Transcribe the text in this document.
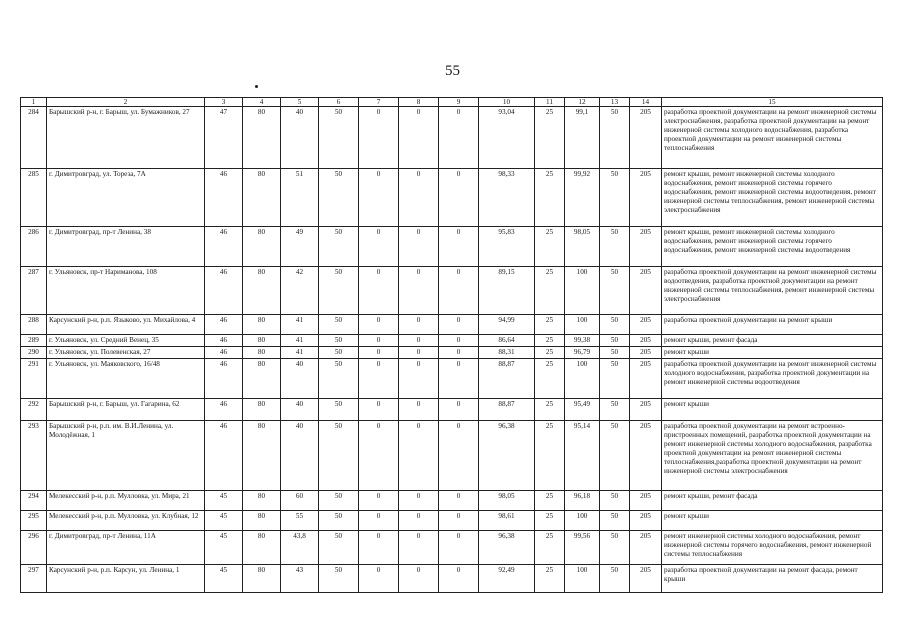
55
1	2	3	4	5	6	7	8	9	10	11	12	13	14	15
284	Барышский р-н, г. Барыш, ул. Бумажников, 27	47	80	40	50	0	0	0	93,04	25	99,1	50	205	разработка проектной документации на ремонт инженерной системы электроснабжения, разработка проектной документации на ремонт инженерной системы холодного водоснабжения, разработка проектной документации на ремонт инженерной системы теплоснабжения
285	г. Димитровград, ул. Тореза, 7А	46	80	51	50	0	0	0	98,33	25	99,92	50	205	ремонт крыши, ремонт инженерной системы холодного водоснабжения, ремонт инженерной системы горячего водоснабжения, ремонт инженерной системы водоотведения, ремонт инженерной системы теплоснабжения, ремонт инженерной системы электроснабжения
286	г. Димитровград, пр-т Ленина, 38	46	80	49	50	0	0	0	95,83	25	98,05	50	205	ремонт крыши, ремонт инженерной системы холодного водоснабжения, ремонт инженерной системы горячего водоснабжения, ремонт инженерной системы водоотведения
287	г. Ульяновск, пр-т Нариманова, 108	46	80	42	50	0	0	0	89,15	25	100	50	205	разработка проектной документации на ремонт инженерной системы водоотведения, разработка проектной документации на ремонт инженерной системы теплоснабжения, ремонт инженерной системы электроснабжения
288	Карсунский р-н, р.п. Языково, ул. Михайлова, 4	46	80	41	50	0	0	0	94,99	25	100	50	205	разработка проектной документации на ремонт крыши
289	г. Ульяновск, ул. Средний Венец, 35	46	80	41	50	0	0	0	86,64	25	99,38	50	205	ремонт крыши, ремонт фасада
290	г. Ульяновск, ул. Полевенская, 27	46	80	41	50	0	0	0	88,31	25	96,79	50	205	ремонт крыши
291	г. Ульяновск, ул. Маяковского, 16/48	46	80	40	50	0	0	0	88,87	25	100	50	205	разработка проектной документации на ремонт инженерной системы холодного водоснабжения, разработка проектной документации на ремонт инженерной системы водоотведения
292	Барышский р-н, г. Барыш, ул. Гагарина, 62	46	80	40	50	0	0	0	88,87	25	95,49	50	205	ремонт крыши
293	Барышский р-н, р.п. им. В.И.Ленина, ул. Молодёжная, 1	46	80	40	50	0	0	0	96,38	25	95,14	50	205	разработка проектной документации на ремонт встроенно-пристроенных помещений, разработка проектной документации на ремонт инженерной системы холодного водоснабжения, разработка проектной документации на ремонт инженерной системы теплоснабжения,разработка проектной документации на ремонт инженерной системы электроснабжения
294	Мелекесский р-н, р.п. Мулловка, ул. Мира, 21	45	80	60	50	0	0	0	98,05	25	96,18	50	205	ремонт крыши, ремонт фасада
295	Мелекесский р-н, р.п. Мулловка, ул. Клубная, 12	45	80	55	50	0	0	0	98,61	25	100	50	205	ремонт крыши
296	г. Димитровград, пр-т Ленина, 11А	45	80	43,8	50	0	0	0	96,38	25	99,56	50	205	ремонт инженерной системы холодного водоснабжения, ремонт инженерной системы горячего водоснабжения, ремонт инженерной системы теплоснабжения
297	Карсунский р-н, р.п. Карсун, ул. Ленина, 1	45	80	43	50	0	0	0	92,49	25	100	50	205	разработка проектной документации на ремонт фасада, ремонт крыши
